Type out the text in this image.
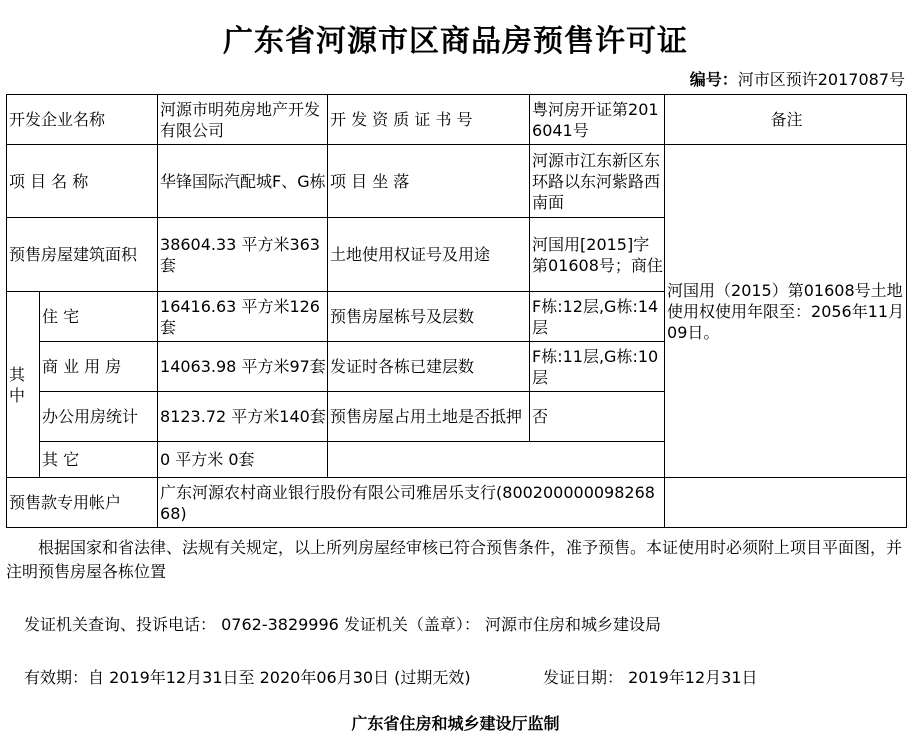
广东省河源市区商品房预售许可证
编号：河市区预许2017087号
开发企业名称		河源市明苑房地产开发有限公司	开 发 资 质 证 书 号	粤河房开证第2016041号	备注
项 目 名 称		华锋国际汽配城F、G栋	项 目 坐 落	河源市江东新区东环路以东河紫路西南面	河国用（2015）第01608号土地使用权使用年限至：2056年11月09日。
预售房屋建筑面积		38604.33 平方米363套	土地使用权证号及用途	河国用[2015]字第01608号；商住	
其中	住 宅	16416.63 平方米126套	预售房屋栋号及层数	F栋:12层,G栋:14层	
	商 业 用 房	14063.98 平方米97套	发证时各栋已建层数	F栋:11层,G栋:10层	
	办公用房统计	8123.72 平方米140套	预售房屋占用土地是否抵押	否	
	其 它	0 平方米 0套			
预售款专用帐户		广东河源农村商业银行股份有限公司雅居乐支行(80020000009826868)			
根据国家和省法律、法规有关规定，以上所列房屋经审核已符合预售条件，准予预售。本证使用时必须附上项目平面图，并注明预售房屋各栋位置
发证机关查询、投诉电话： 0762-3829996 发证机关（盖章）： 河源市住房和城乡建设局
有效期：自 2019年12月31日至 2020年06月30日 (过期无效)	发证日期： 2019年12月31日
广东省住房和城乡建设厅监制
